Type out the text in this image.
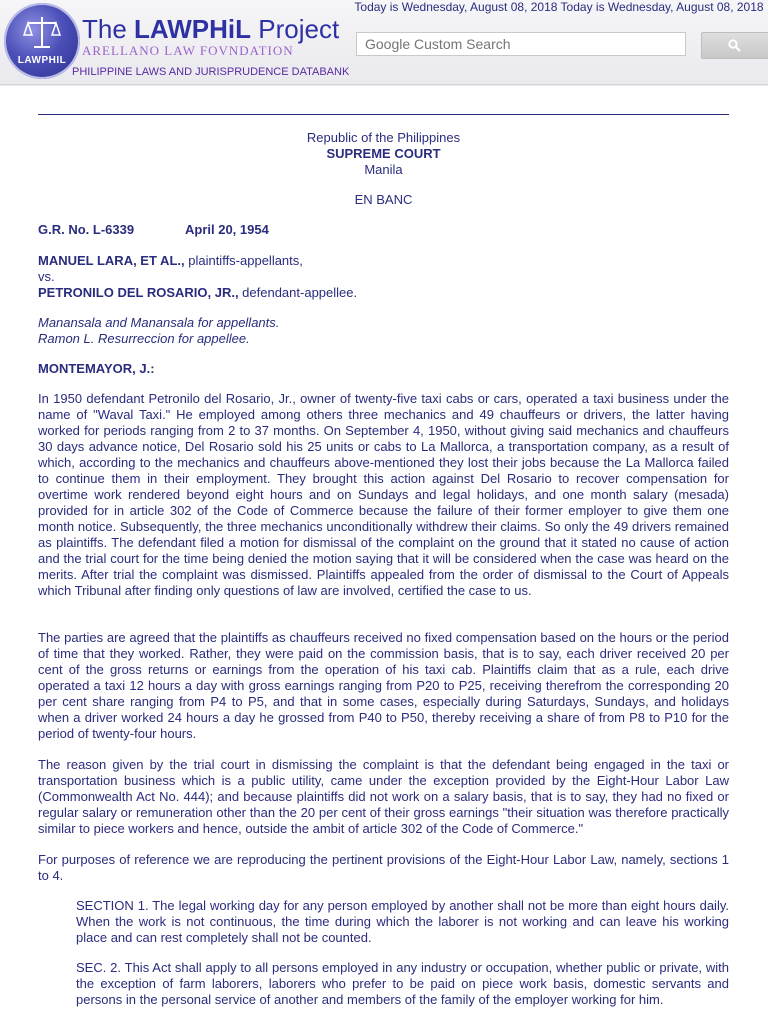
LAWPHIL
The LAWPHiL Project
ARELLANO LAW FOVNDATION
PHILIPPINE LAWS AND JURISPRUDENCE DATABANK
Today is Wednesday, August 08, 2018 Today is Wednesday, August 08, 2018
Google Custom Search
Republic of the Philippines
SUPREME COURT
Manila
EN BANC
G.R. No. L-6339	April 20, 1954
MANUEL LARA, ET AL., plaintiffs-appellants,
vs.
PETRONILO DEL ROSARIO, JR., defendant-appellee.
Manansala and Manansala for appellants.
Ramon L. Resurreccion for appellee.
MONTEMAYOR, J.:

In 1950 defendant Petronilo del Rosario, Jr., owner of twenty-five taxi cabs or cars, operated a taxi business under the name of "Waval Taxi." He employed among others three mechanics and 49 chauffeurs or drivers, the latter having worked for periods ranging from 2 to 37 months. On September 4, 1950, without giving said mechanics and chauffeurs 30 days advance notice, Del Rosario sold his 25 units or cabs to La Mallorca, a transportation company, as a result of which, according to the mechanics and chauffeurs above-mentioned they lost their jobs because the La Mallorca failed to continue them in their employment. They brought this action against Del Rosario to recover compensation for overtime work rendered beyond eight hours and on Sundays and legal holidays, and one month salary (mesada) provided for in article 302 of the Code of Commerce because the failure of their former employer to give them one month notice. Subsequently, the three mechanics unconditionally withdrew their claims. So only the 49 drivers remained as plaintiffs. The defendant filed a motion for dismissal of the complaint on the ground that it stated no cause of action and the trial court for the time being denied the motion saying that it will be considered when the case was heard on the merits. After trial the complaint was dismissed. Plaintiffs appealed from the order of dismissal to the Court of Appeals which Tribunal after finding only questions of law are involved, certified the case to us.

The parties are agreed that the plaintiffs as chauffeurs received no fixed compensation based on the hours or the period of time that they worked. Rather, they were paid on the commission basis, that is to say, each driver received 20 per cent of the gross returns or earnings from the operation of his taxi cab. Plaintiffs claim that as a rule, each drive operated a taxi 12 hours a day with gross earnings ranging from P20 to P25, receiving therefrom the corresponding 20 per cent share ranging from P4 to P5, and that in some cases, especially during Saturdays, Sundays, and holidays when a driver worked 24 hours a day he grossed from P40 to P50, thereby receiving a share of from P8 to P10 for the period of twenty-four hours.

The reason given by the trial court in dismissing the complaint is that the defendant being engaged in the taxi or transportation business which is a public utility, came under the exception provided by the Eight-Hour Labor Law (Commonwealth Act No. 444); and because plaintiffs did not work on a salary basis, that is to say, they had no fixed or regular salary or remuneration other than the 20 per cent of their gross earnings "their situation was therefore practically similar to piece workers and hence, outside the ambit of article 302 of the Code of Commerce."

For purposes of reference we are reproducing the pertinent provisions of the Eight-Hour Labor Law, namely, sections 1 to 4.

SECTION 1. The legal working day for any person employed by another shall not be more than eight hours daily. When the work is not continuous, the time during which the laborer is not working and can leave his working place and can rest completely shall not be counted.

SEC. 2. This Act shall apply to all persons employed in any industry or occupation, whether public or private, with the exception of farm laborers, laborers who prefer to be paid on piece work basis, domestic servants and persons in the personal service of another and members of the family of the employer working for him.
